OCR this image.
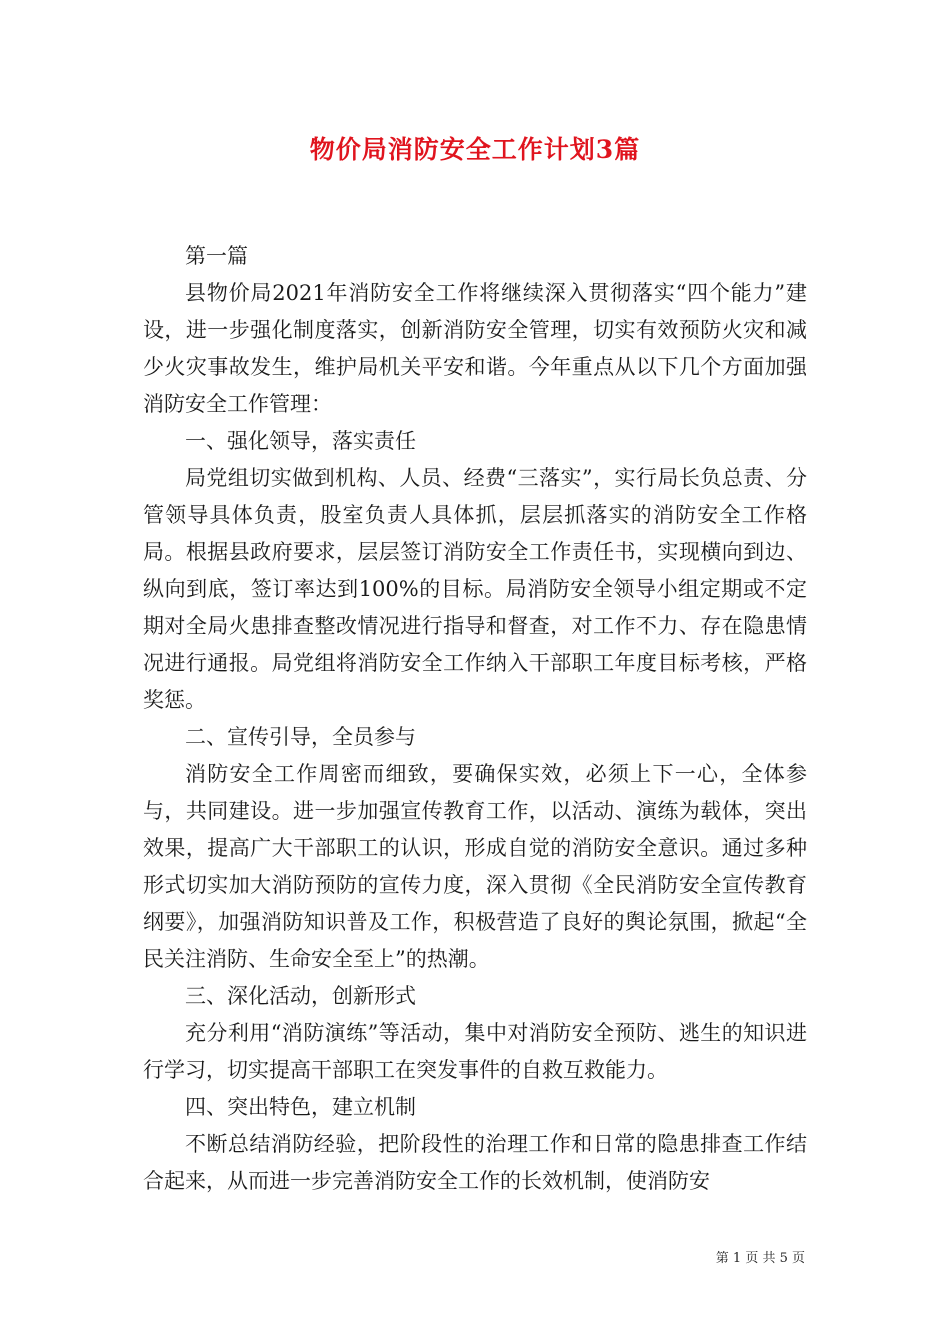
物价局消防安全工作计划3篇

第一篇

县物价局2021年消防安全工作将继续深入贯彻落实“四个能力”建设，进一步强化制度落实，创新消防安全管理，切实有效预防火灾和减少火灾事故发生，维护局机关平安和谐。今年重点从以下几个方面加强消防安全工作管理：

一、强化领导，落实责任

局党组切实做到机构、人员、经费“三落实”，实行局长负总责、分管领导具体负责，股室负责人具体抓，层层抓落实的消防安全工作格局。根据县政府要求，层层签订消防安全工作责任书，实现横向到边、纵向到底，签订率达到100%的目标。局消防安全领导小组定期或不定期对全局火患排查整改情况进行指导和督查，对工作不力、存在隐患情况进行通报。局党组将消防安全工作纳入干部职工年度目标考核，严格奖惩。

二、宣传引导，全员参与

消防安全工作周密而细致，要确保实效，必须上下一心，全体参与，共同建设。进一步加强宣传教育工作，以活动、演练为载体，突出效果，提高广大干部职工的认识，形成自觉的消防安全意识。通过多种形式切实加大消防预防的宣传力度，深入贯彻《全民消防安全宣传教育纲要》，加强消防知识普及工作，积极营造了良好的舆论氛围，掀起“全民关注消防、生命安全至上”的热潮。

三、深化活动，创新形式

充分利用“消防演练”等活动，集中对消防安全预防、逃生的知识进行学习，切实提高干部职工在突发事件的自救互救能力。

四、突出特色，建立机制

不断总结消防经验，把阶段性的治理工作和日常的隐患排查工作结合起来，从而进一步完善消防安全工作的长效机制，使消防安

第 1 页 共 5 页
